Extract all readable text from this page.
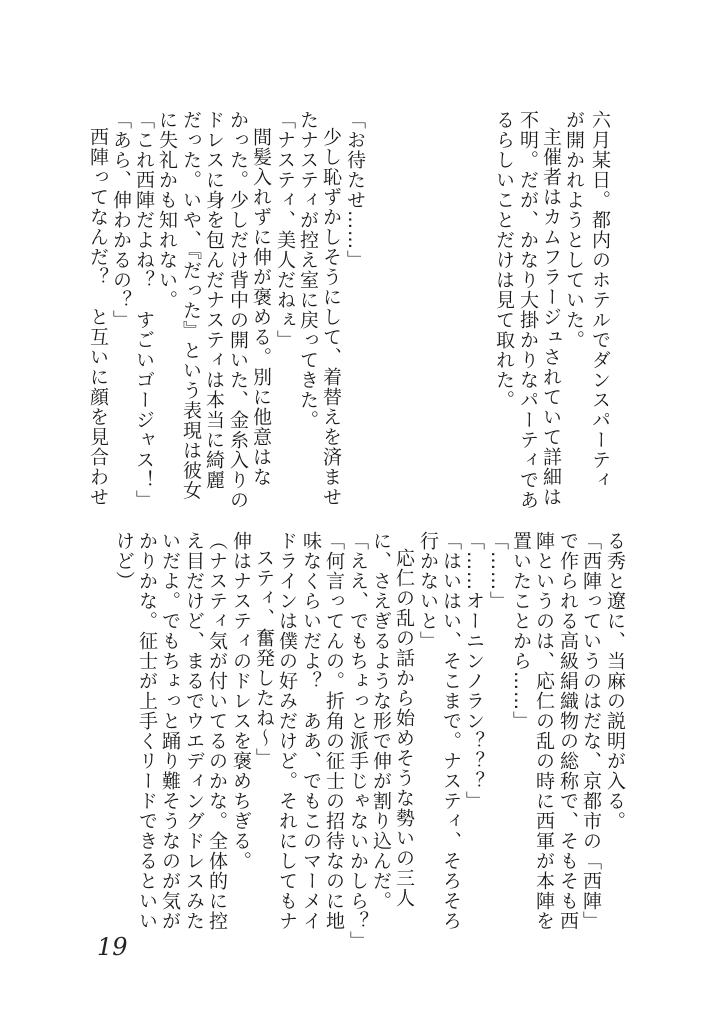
六月某日。都内のホテルでダンスパーティ

が開かれようとしていた。

主催者はカムフラージュされていて詳細は

不明。だが、かなり大掛かりなパーティであ

るらしいことだけは見て取れた。

「お待たせ……」

少し恥ずかしそうにして、着替えを済ませ

たナスティが控え室に戻ってきた。

「ナスティ、美人だねぇ」

間髪入れずに伸が褒める。別に他意はな

かった。少しだけ背中の開いた、金糸入りの

ドレスに身を包んだナスティは本当に綺麗

だった。いや、『だった』という表現は彼女

に失礼かも知れない。

「これ西陣だよね？　すごいゴージャス！」

「あら、伸わかるの？」

西陣ってなんだ？　と互いに顔を見合わせ

る秀と遼に、当麻の説明が入る。

「西陣っていうのはだな、京都市の「西陣」

で作られる高級絹織物の総称で、そもそも西

陣というのは、応仁の乱の時に西軍が本陣を

置いたことから……」

「……」

「……オーニンノラン？？？」

「はいはい、そこまで。ナスティ、そろそろ

行かないと」

応仁の乱の話から始めそうな勢いの三人

に、さえぎるような形で伸が割り込んだ。

「ええ、でもちょっと派手じゃないかしら？」

「何言ってんの。折角の征士の招待なのに地

味なくらいだよ？　ああ、でもこのマーメイ

ドラインは僕の好みだけど。それにしてもナ

スティ、奮発したね～」

伸はナスティのドレスを褒めちぎる。

（ナスティ気が付いてるのかな。全体的に控

え目だけど、まるでウエディングドレスみた

いだよ。でもちょっと踊り難そうなのが気が

かりかな。征士が上手くリードできるといい

けど）

19
